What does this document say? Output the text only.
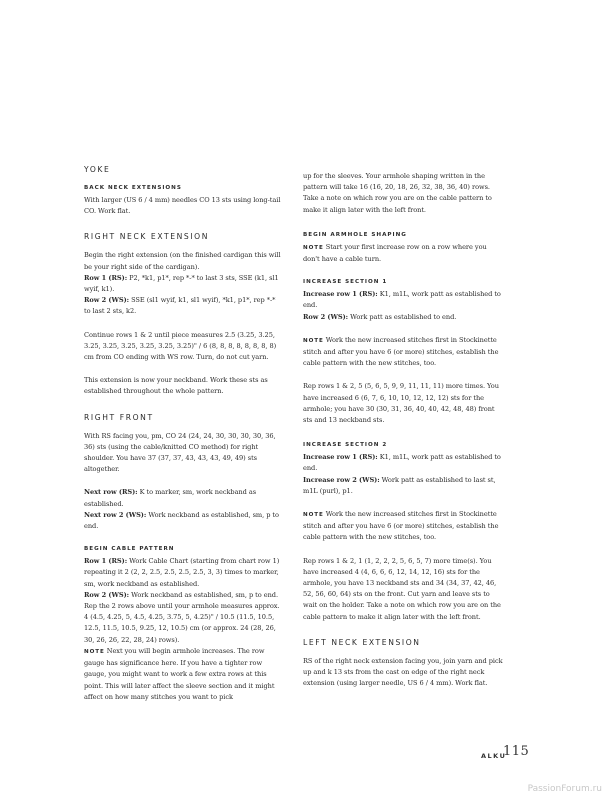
YOKE
BACK NECK EXTENSIONS

With larger (US 6 / 4 mm) needles CO 13 sts using long-tail CO. Work flat.

RIGHT NECK EXTENSION

Begin the right extension (on the finished cardigan this will be your right side of the cardigan).

Row 1 (RS): P2, *k1, p1*, rep *-* to last 3 sts, SSE (k1, sl1 wyif, k1).

Row 2 (WS): SSE (sl1 wyif, k1, sl1 wyif), *k1, p1*, rep *-* to last 2 sts, k2.

Continue rows 1 & 2 until piece measures 2.5 (3.25, 3.25, 3.25, 3.25, 3.25, 3.25, 3.25, 3.25)" / 6 (8, 8, 8, 8, 8, 8, 8, 8) cm from CO ending with WS row. Turn, do not cut yarn.

This extension is now your neckband. Work these sts as established throughout the whole pattern.

RIGHT FRONT

With RS facing you, pm, CO 24 (24, 24, 30, 30, 30, 30, 36, 36) sts (using the cable/knitted CO method) for right shoulder. You have 37 (37, 37, 43, 43, 43, 49, 49) sts altogether.

Next row (RS): K to marker, sm, work neckband as established.

Next row 2 (WS): Work neckband as established, sm, p to end.

BEGIN CABLE PATTERN

Row 1 (RS): Work Cable Chart (starting from chart row 1) repeating it 2 (2, 2, 2.5, 2.5, 2.5, 2.5, 3, 3) times to marker, sm, work neckband as established.

Row 2 (WS): Work neckband as established, sm, p to end.

Rep the 2 rows above until your armhole measures approx. 4 (4.5, 4.25, 5, 4.5, 4.25, 3.75, 5, 4.25)" / 10.5 (11.5, 10.5, 12.5, 11.5, 10.5, 9.25, 12, 10.5) cm (or approx. 24 (28, 26, 30, 26, 26, 22, 28, 24) rows).

NOTE Next you will begin armhole increases. The row gauge has significance here. If you have a tighter row gauge, you might want to work a few extra rows at this point. This will later affect the sleeve section and it might affect on how many stitches you want to pick

up for the sleeves. Your armhole shaping written in the pattern will take 16 (16, 20, 18, 26, 32, 38, 36, 40) rows. Take a note on which row you are on the cable pattern to make it align later with the left front.

BEGIN ARMHOLE SHAPING

NOTE Start your first increase row on a row where you don't have a cable turn.

INCREASE SECTION 1

Increase row 1 (RS): K1, m1L, work patt as established to end.

Row 2 (WS): Work patt as established to end.

NOTE Work the new increased stitches first in Stockinette stitch and after you have 6 (or more) stitches, establish the cable pattern with the new stitches, too.

Rep rows 1 & 2, 5 (5, 6, 5, 9, 9, 11, 11, 11) more times. You have increased 6 (6, 7, 6, 10, 10, 12, 12, 12) sts for the armhole; you have 30 (30, 31, 36, 40, 40, 42, 48, 48) front sts and 13 neckband sts.

INCREASE SECTION 2

Increase row 1 (RS): K1, m1L, work patt as established to end.

Increase row 2 (WS): Work patt as established to last st, m1L (purl), p1.

NOTE Work the new increased stitches first in Stockinette stitch and after you have 6 (or more) stitches, establish the cable pattern with the new stitches, too.

Rep rows 1 & 2, 1 (1, 2, 2, 2, 5, 6, 5, 7) more time(s). You have increased 4 (4, 6, 6, 6, 12, 14, 12, 16) sts for the armhole, you have 13 neckband sts and 34 (34, 37, 42, 46, 52, 56, 60, 64) sts on the front. Cut yarn and leave sts to wait on the holder. Take a note on which row you are on the cable pattern to make it align later with the left front.

LEFT NECK EXTENSION

RS of the right neck extension facing you, join yarn and pick up and k 13 sts from the cast on edge of the right neck extension (using larger needle, US 6 / 4 mm). Work flat.

ALKU
115
PassionForum.ru
